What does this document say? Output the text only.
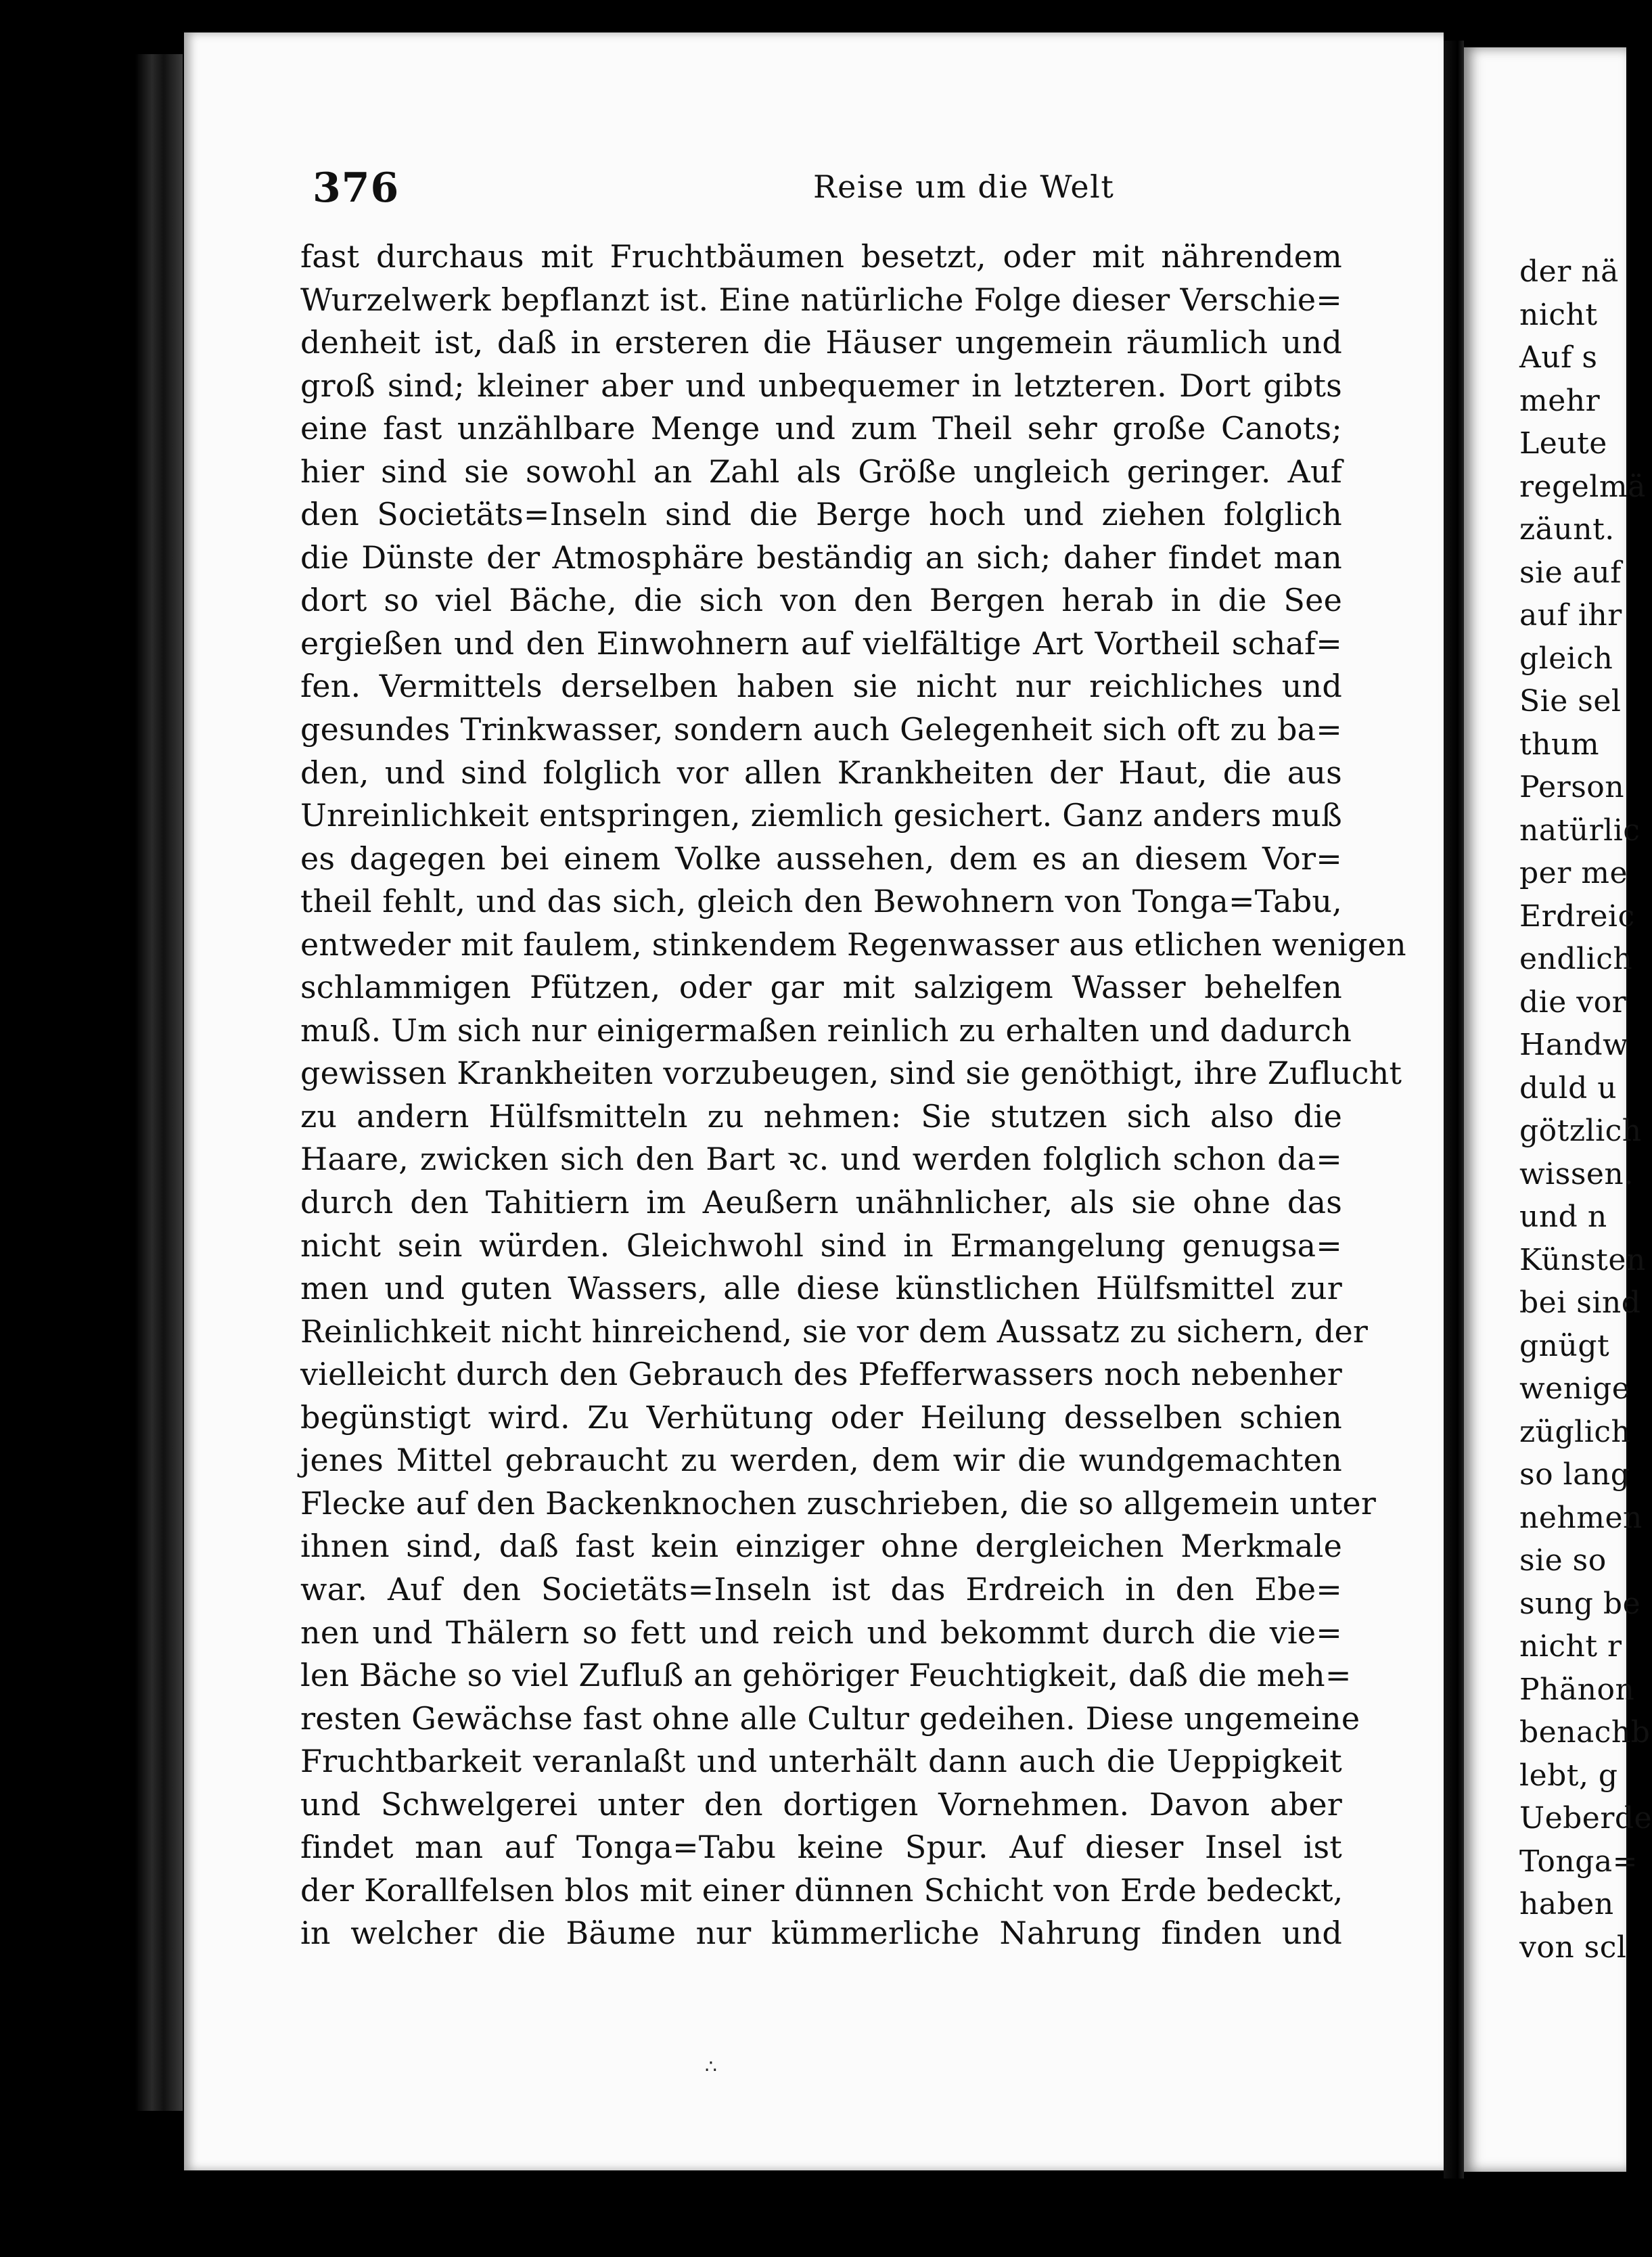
376	Reise um die Welt
fast durchaus mit Fruchtbäumen besetzt, oder mit nährendem
Wurzelwerk bepflanzt ist. Eine natürliche Folge dieser Verschie=
denheit ist, daß in ersteren die Häuser ungemein räumlich und
groß sind; kleiner aber und unbequemer in letzteren. Dort gibts
eine fast unzählbare Menge und zum Theil sehr große Canots;
hier sind sie sowohl an Zahl als Größe ungleich geringer. Auf
den Societäts=Inseln sind die Berge hoch und ziehen folglich
die Dünste der Atmosphäre beständig an sich; daher findet man
dort so viel Bäche, die sich von den Bergen herab in die See
ergießen und den Einwohnern auf vielfältige Art Vortheil schaf=
fen. Vermittels derselben haben sie nicht nur reichliches und
gesundes Trinkwasser, sondern auch Gelegenheit sich oft zu ba=
den, und sind folglich vor allen Krankheiten der Haut, die aus
Unreinlichkeit entspringen, ziemlich gesichert. Ganz anders muß
es dagegen bei einem Volke aussehen, dem es an diesem Vor=
theil fehlt, und das sich, gleich den Bewohnern von Tonga=Tabu,
entweder mit faulem, stinkendem Regenwasser aus etlichen wenigen
schlammigen Pfützen, oder gar mit salzigem Wasser behelfen
muß. Um sich nur einigermaßen reinlich zu erhalten und dadurch
gewissen Krankheiten vorzubeugen, sind sie genöthigt, ihre Zuflucht
zu andern Hülfsmitteln zu nehmen: Sie stutzen sich also die
Haare, zwicken sich den Bart ꝛc. und werden folglich schon da=
durch den Tahitiern im Aeußern unähnlicher, als sie ohne das
nicht sein würden. Gleichwohl sind in Ermangelung genugsa=
men und guten Wassers, alle diese künstlichen Hülfsmittel zur
Reinlichkeit nicht hinreichend, sie vor dem Aussatz zu sichern, der
vielleicht durch den Gebrauch des Pfefferwassers noch nebenher
begünstigt wird. Zu Verhütung oder Heilung desselben schien
jenes Mittel gebraucht zu werden, dem wir die wundgemachten
Flecke auf den Backenknochen zuschrieben, die so allgemein unter
ihnen sind, daß fast kein einziger ohne dergleichen Merkmale
war. Auf den Societäts=Inseln ist das Erdreich in den Ebe=
nen und Thälern so fett und reich und bekommt durch die vie=
len Bäche so viel Zufluß an gehöriger Feuchtigkeit, daß die meh=
resten Gewächse fast ohne alle Cultur gedeihen. Diese ungemeine
Fruchtbarkeit veranlaßt und unterhält dann auch die Ueppigkeit
und Schwelgerei unter den dortigen Vornehmen. Davon aber
findet man auf Tonga=Tabu keine Spur. Auf dieser Insel ist
der Korallfelsen blos mit einer dünnen Schicht von Erde bedeckt,
in welcher die Bäume nur kümmerliche Nahrung finden und
∴
der nä
nicht
Auf s
mehr
Leute
regelmä
zäunt.
sie auf
auf ihr
gleich
Sie sel
thum
Person
natürlic
per me
Erdreic
endlich
die vor
Handw
duld u
götzlich
wissen.
und n
Künsten
bei sind
gnügt
wenige
züglich
so lang
nehmen
sie so
sung be
nicht r
Phänon
benachb
lebt, g
Ueberde
Tonga=
haben
von scl
